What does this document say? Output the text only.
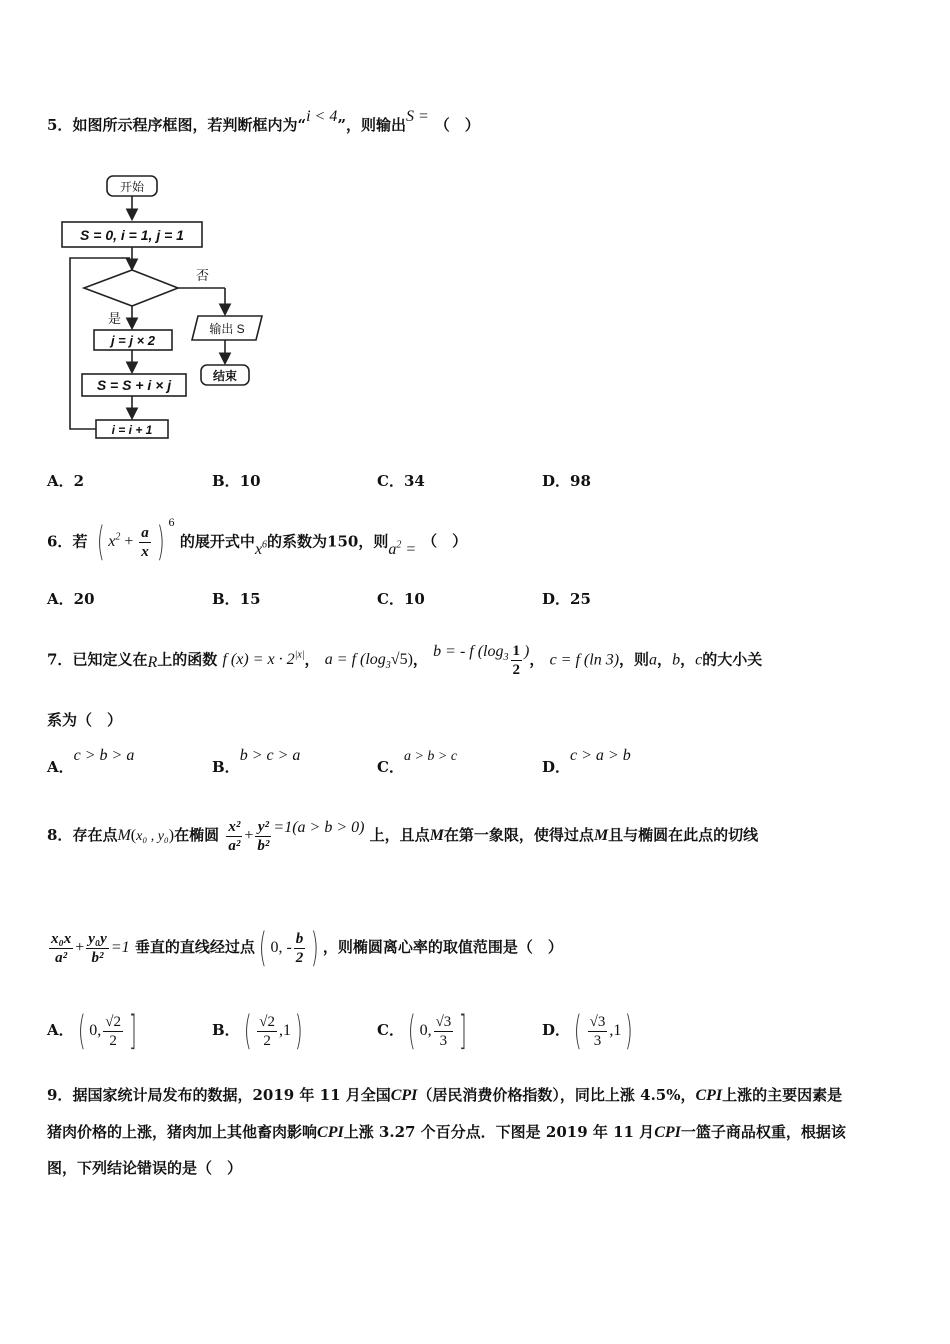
5．如图所示程序框图，若判断框内为“i < 4”，则输出S = （　）
开始
S = 0, i = 1, j = 1
否
是
j = j × 2
S = S + i × j
i = i + 1
输出 S
结束
A．2	B．10	C．34	D．98
6．若 ( $x^2 + \frac{a}{x}$ ) $^6$ 的展开式中$x^6$的系数为150，则$a^2$ = （　）
A．20	B．15	C．10	D．25
7．已知定义在R上的函数 f $(x) = x \cdot 2^{|x|}$， a = f $(\log_3√5)$， b = - f ($\log_3 \frac{1}{2}$ )， c = f (ln 3)，则a，b，c的大小关
系为（　）
A．c > b > a
B．b > c > a
C．a > b > c
D．c > a > b
8．存在点M(x₀ , y₀)在椭圆 $\frac{\text{x²}}{\text{a²}} + \frac{\text{y²}}{\text{b²}} =1(a > b > 0)$ 上，且点M在第一象限，使得过点M且与椭圆在此点的切线
$\frac{\text{x₀x}}{\text{a²}} + \frac{\text{y₀y}}{\text{b²}} =1$ 垂直的直线经过点( 0, - $\frac{b}{2}$ ) ，则椭圆离心率的取值范围是（　）
A．( 0, $\frac{√2}{2}$ ]	B．( $\frac{√2}{2} ,1$)	C．( 0, $\frac{√3}{3}$ ]	D．( $\frac{√3}{3} ,1$)
9．据国家统计局发布的数据，2019 年 11 月全国CPI（居民消费价格指数），同比上涨 4.5%，CPI上涨的主要因素是
猪肉价格的上涨，猪肉加上其他畜肉影响CPI上涨 3.27 个百分点．下图是 2019 年 11 月CPI一篮子商品权重，根据该
图，下列结论错误的是（　）
